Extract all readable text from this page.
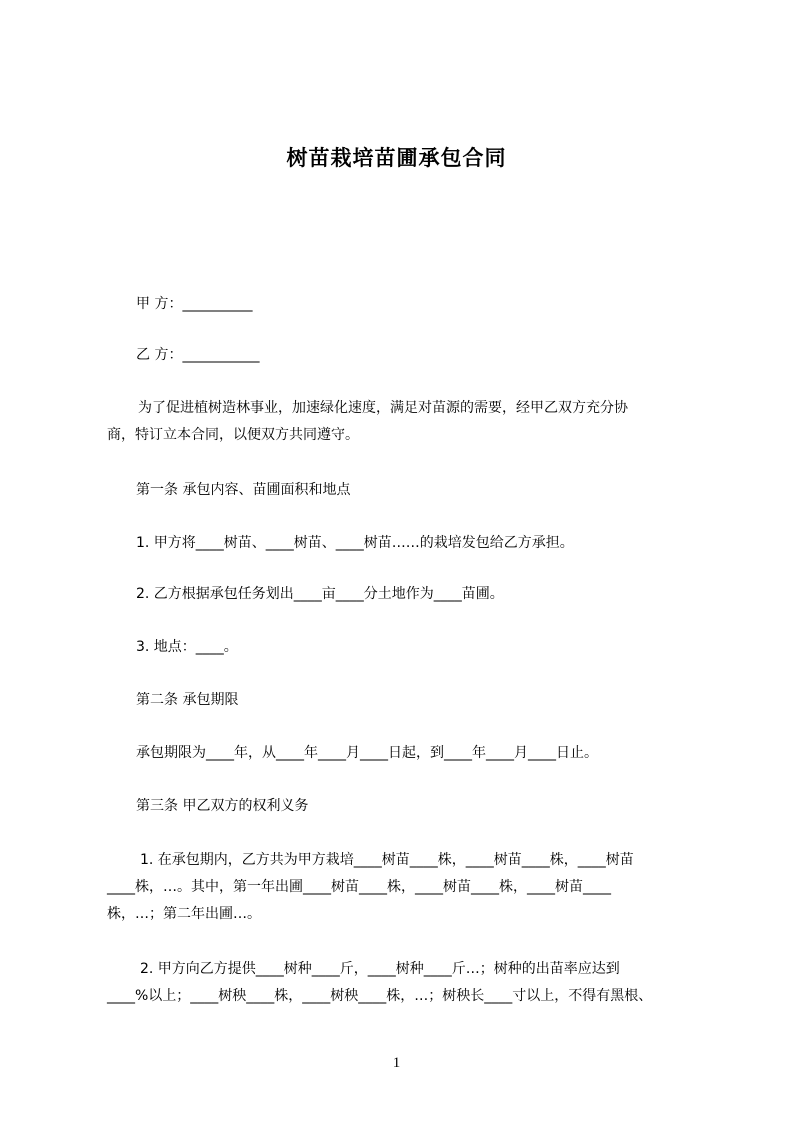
树苗栽培苗圃承包合同
甲 方：__________
乙 方：___________
为了促进植树造林事业，加速绿化速度，满足对苗源的需要，经甲乙双方充分协
商，特订立本合同，以便双方共同遵守。
第一条 承包内容、苗圃面积和地点
1. 甲方将____树苗、____树苗、____树苗……的栽培发包给乙方承担。
2. 乙方根据承包任务划出____亩____分土地作为____苗圃。
3. 地点：____。
第二条 承包期限
承包期限为____年，从____年____月____日起，到____年____月____日止。
第三条 甲乙双方的权利义务
1. 在承包期内，乙方共为甲方栽培____树苗____株，____树苗____株，____树苗
____株，…。其中，第一年出圃____树苗____株，____树苗____株，____树苗____
株，…；第二年出圃…。
2. 甲方向乙方提供____树种____斤，____树种____斤…；树种的出苗率应达到
____%以上；____树秧____株，____树秧____株，…；树秧长____寸以上，不得有黑根、
1
